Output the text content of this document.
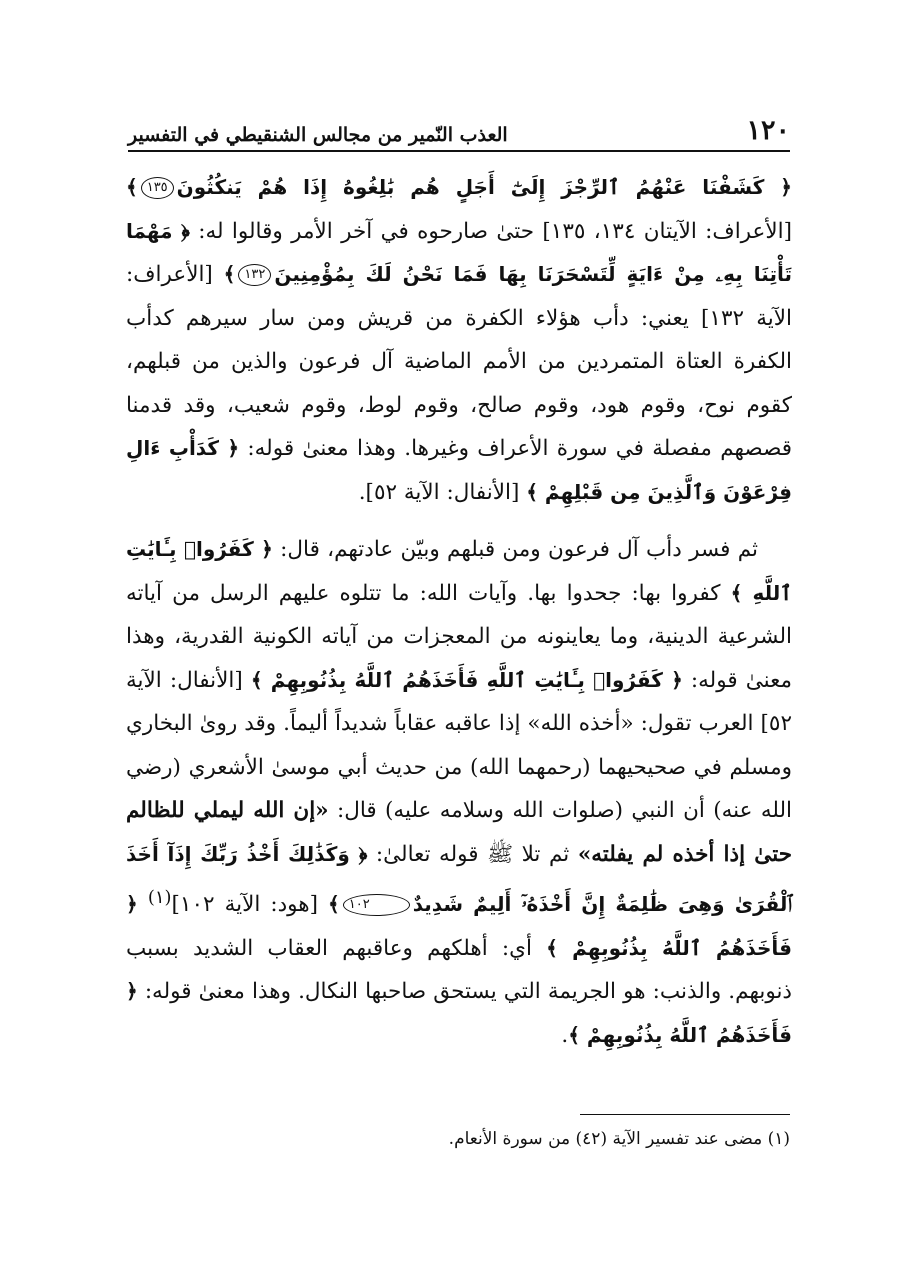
١٢٠
العذب النّمير من مجالس الشنقيطي في التفسير

﴿ كَشَفْنَا عَنْهُمُ ٱلرِّجْزَ إِلَىٰٓ أَجَلٍ هُم بَٰلِغُوهُ إِذَا هُمْ يَنكُثُونَ١٣٥﴾ [الأعراف: الآيتان ١٣٤، ١٣٥] حتىٰ صارحوه في آخر الأمر وقالوا له: ﴿ مَهْمَا تَأْتِنَا بِهِۦ مِنْ ءَايَةٍ لِّتَسْحَرَنَا بِهَا فَمَا نَحْنُ لَكَ بِمُؤْمِنِينَ١٣٢﴾ [الأعراف: الآية ١٣٢] يعني: دأب هؤلاء الكفرة من قريش ومن سار سيرهم كدأب الكفرة العتاة المتمردين من الأمم الماضية آل فرعون والذين من قبلهم، كقوم نوح، وقوم هود، وقوم صالح، وقوم لوط، وقوم شعيب، وقد قدمنا قصصهم مفصلة في سورة الأعراف وغيرها. وهذا معنىٰ قوله: ﴿ كَدَأْبِ ءَالِ فِرْعَوْنَ وَٱلَّذِينَ مِن قَبْلِهِمْ ﴾ [الأنفال: الآية ٥٢].

ثم فسر دأب آل فرعون ومن قبلهم وبيّن عادتهم، قال: ﴿ كَفَرُوا۟ بِـَٔايَٰتِ ٱللَّهِ ﴾ كفروا بها: جحدوا بها. وآيات الله: ما تتلوه عليهم الرسل من آياته الشرعية الدينية، وما يعاينونه من المعجزات من آياته الكونية القدرية، وهذا معنىٰ قوله: ﴿ كَفَرُوا۟ بِـَٔايَٰتِ ٱللَّهِ فَأَخَذَهُمُ ٱللَّهُ بِذُنُوبِهِمْ ﴾ [الأنفال: الآية ٥٢] العرب تقول: «أخذه الله» إذا عاقبه عقاباً شديداً أليماً. وقد روىٰ البخاري ومسلم في صحيحيهما (رحمهما الله) من حديث أبي موسىٰ الأشعري (رضي الله عنه) أن النبي (صلوات الله وسلامه عليه) قال: «إن الله ليملي للظالم حتىٰ إذا أخذه لم يفلته» ثم تلا ﷺ قوله تعالىٰ: ﴿ وَكَذَٰلِكَ أَخْذُ رَبِّكَ إِذَآ أَخَذَ ٱلْقُرَىٰ وَهِىَ ظَٰلِمَةٌ إِنَّ أَخْذَهُۥٓ أَلِيمٌ شَدِيدٌ١٠٢﴾ [هود: الآية ١٠٢]$^{(١)}$ ﴿ فَأَخَذَهُمُ ٱللَّهُ بِذُنُوبِهِمْ ﴾ أي: أهلكهم وعاقبهم العقاب الشديد بسبب ذنوبهم. والذنب: هو الجريمة التي يستحق صاحبها النكال. وهذا معنىٰ قوله: ﴿ فَأَخَذَهُمُ ٱللَّهُ بِذُنُوبِهِمْ ﴾.

(١) مضى عند تفسير الآية (٤٢) من سورة الأنعام.
